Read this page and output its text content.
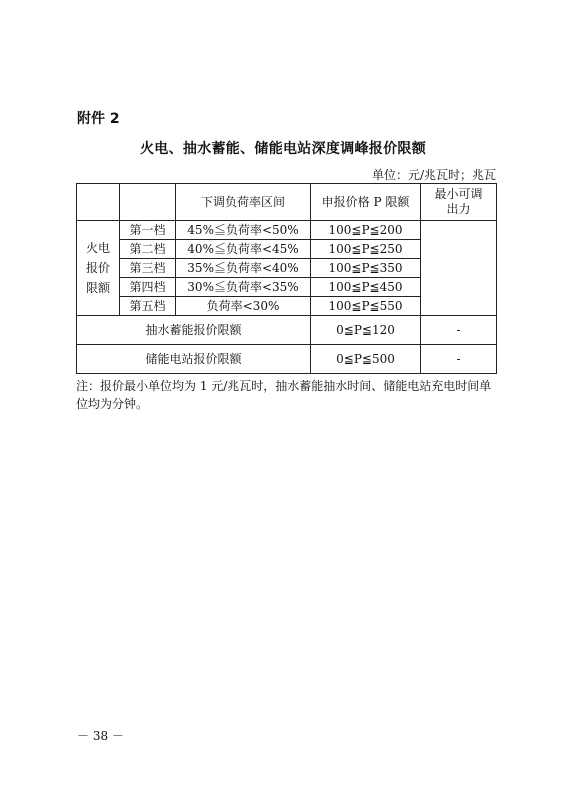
附件 2
火电、抽水蓄能、储能电站深度调峰报价限额
单位：元/兆瓦时；兆瓦
		下调负荷率区间	申报价格 P 限额	最小可调出力
火电报价限额	第一档	45%≦负荷率<50%	100≦P≦200	
	第二档	40%≦负荷率<45%	100≦P≦250	
	第三档	35%≦负荷率<40%	100≦P≦350	
	第四档	30%≦负荷率<35%	100≦P≦450	
	第五档	负荷率<30%	100≦P≦550	
抽水蓄能报价限额			0≦P≦120	-
储能电站报价限额			0≦P≦500	-
注：报价最小单位均为 1 元/兆瓦时，抽水蓄能抽水时间、储能电站充电时间单位均为分钟。
－ 38 －
